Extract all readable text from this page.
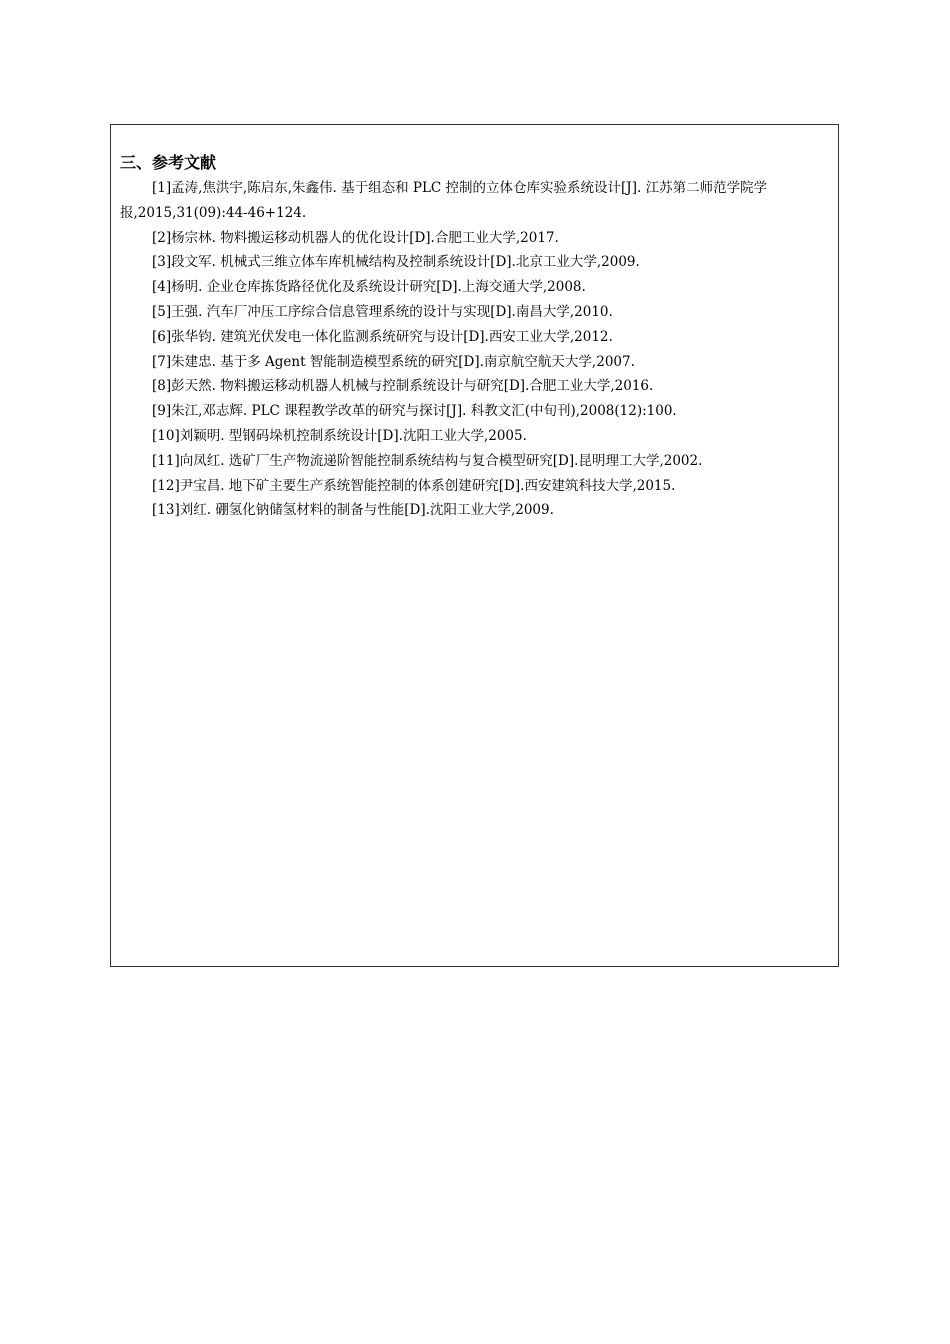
三、参考文献
[1]孟涛,焦洪宇,陈启东,朱鑫伟. 基于组态和 PLC 控制的立体仓库实验系统设计[J]. 江苏第二师范学院学报,2015,31(09):44-46+124.
[2]杨宗林. 物料搬运移动机器人的优化设计[D].合肥工业大学,2017.
[3]段文军. 机械式三维立体车库机械结构及控制系统设计[D].北京工业大学,2009.
[4]杨明. 企业仓库拣货路径优化及系统设计研究[D].上海交通大学,2008.
[5]王强. 汽车厂冲压工序综合信息管理系统的设计与实现[D].南昌大学,2010.
[6]张华钧. 建筑光伏发电一体化监测系统研究与设计[D].西安工业大学,2012.
[7]朱建忠. 基于多 Agent 智能制造模型系统的研究[D].南京航空航天大学,2007.
[8]彭天然. 物料搬运移动机器人机械与控制系统设计与研究[D].合肥工业大学,2016.
[9]朱江,邓志辉. PLC 课程教学改革的研究与探讨[J]. 科教文汇(中旬刊),2008(12):100.
[10]刘颖明. 型钢码垛机控制系统设计[D].沈阳工业大学,2005.
[11]向凤红. 选矿厂生产物流递阶智能控制系统结构与复合模型研究[D].昆明理工大学,2002.
[12]尹宝昌. 地下矿主要生产系统智能控制的体系创建研究[D].西安建筑科技大学,2015.
[13]刘红. 硼氢化钠储氢材料的制备与性能[D].沈阳工业大学,2009.
